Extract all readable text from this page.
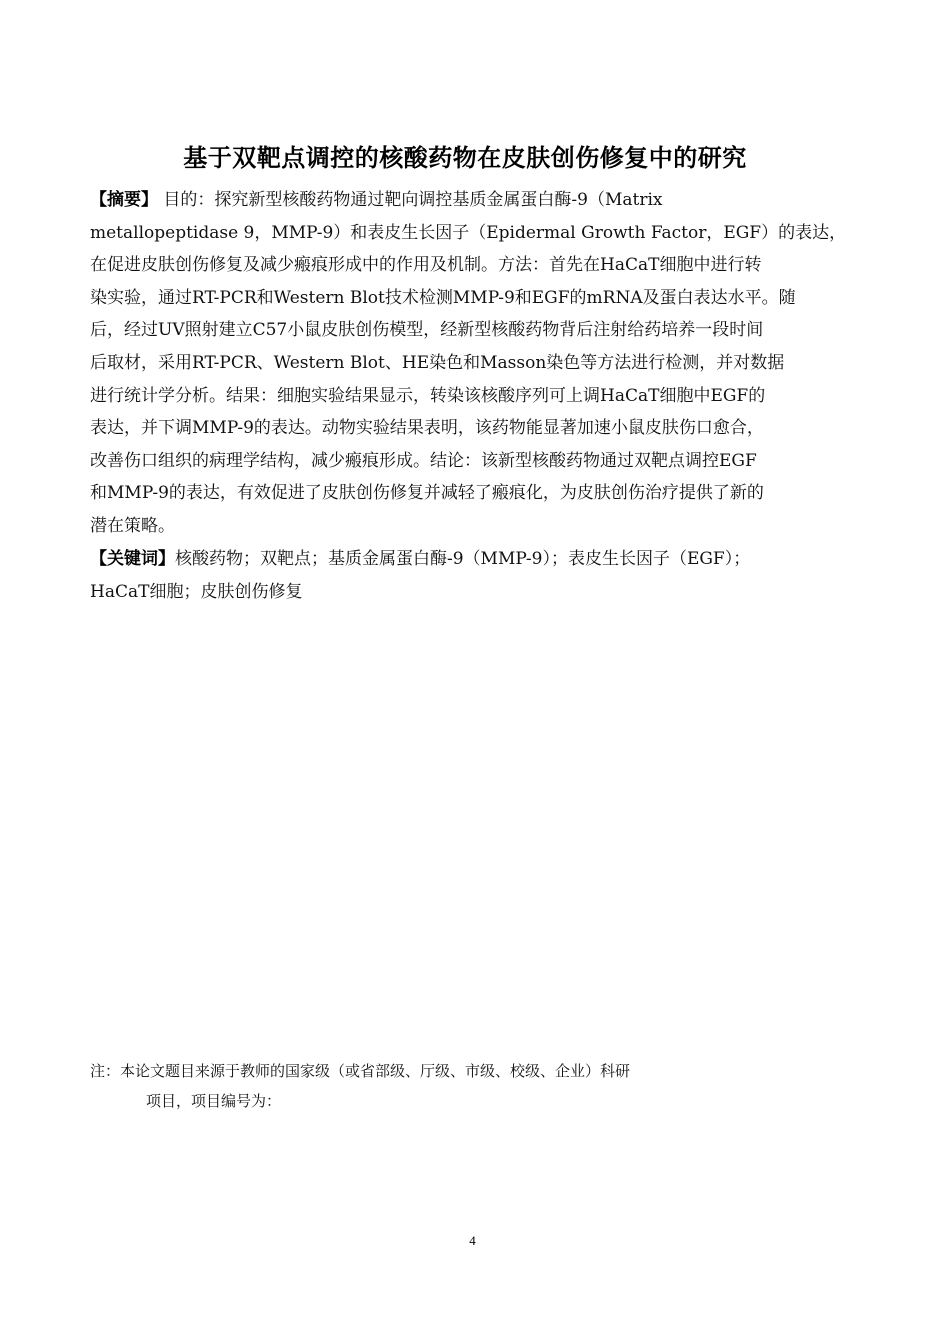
基于双靶点调控的核酸药物在皮肤创伤修复中的研究
【摘要】 目的：探究新型核酸药物通过靶向调控基质金属蛋白酶-9（Matrix
metallopeptidase 9，MMP-9）和表皮生长因子（Epidermal Growth Factor，EGF）的表达，
在促进皮肤创伤修复及减少瘢痕形成中的作用及机制。方法：首先在HaCaT细胞中进行转
染实验，通过RT-PCR和Western Blot技术检测MMP-9和EGF的mRNA及蛋白表达水平。随
后，经过UV照射建立C57小鼠皮肤创伤模型，经新型核酸药物背后注射给药培养一段时间
后取材，采用RT-PCR、Western Blot、HE染色和Masson染色等方法进行检测，并对数据
进行统计学分析。结果：细胞实验结果显示，转染该核酸序列可上调HaCaT细胞中EGF的
表达，并下调MMP-9的表达。动物实验结果表明，该药物能显著加速小鼠皮肤伤口愈合，
改善伤口组织的病理学结构，减少瘢痕形成。结论：该新型核酸药物通过双靶点调控EGF
和MMP-9的表达，有效促进了皮肤创伤修复并减轻了瘢痕化，为皮肤创伤治疗提供了新的
潜在策略。
【关键词】核酸药物；双靶点；基质金属蛋白酶-9（MMP-9）；表皮生长因子（EGF）；
HaCaT细胞；皮肤创伤修复
注：本论文题目来源于教师的国家级（或省部级、厅级、市级、校级、企业）科研
项目，项目编号为：
4
